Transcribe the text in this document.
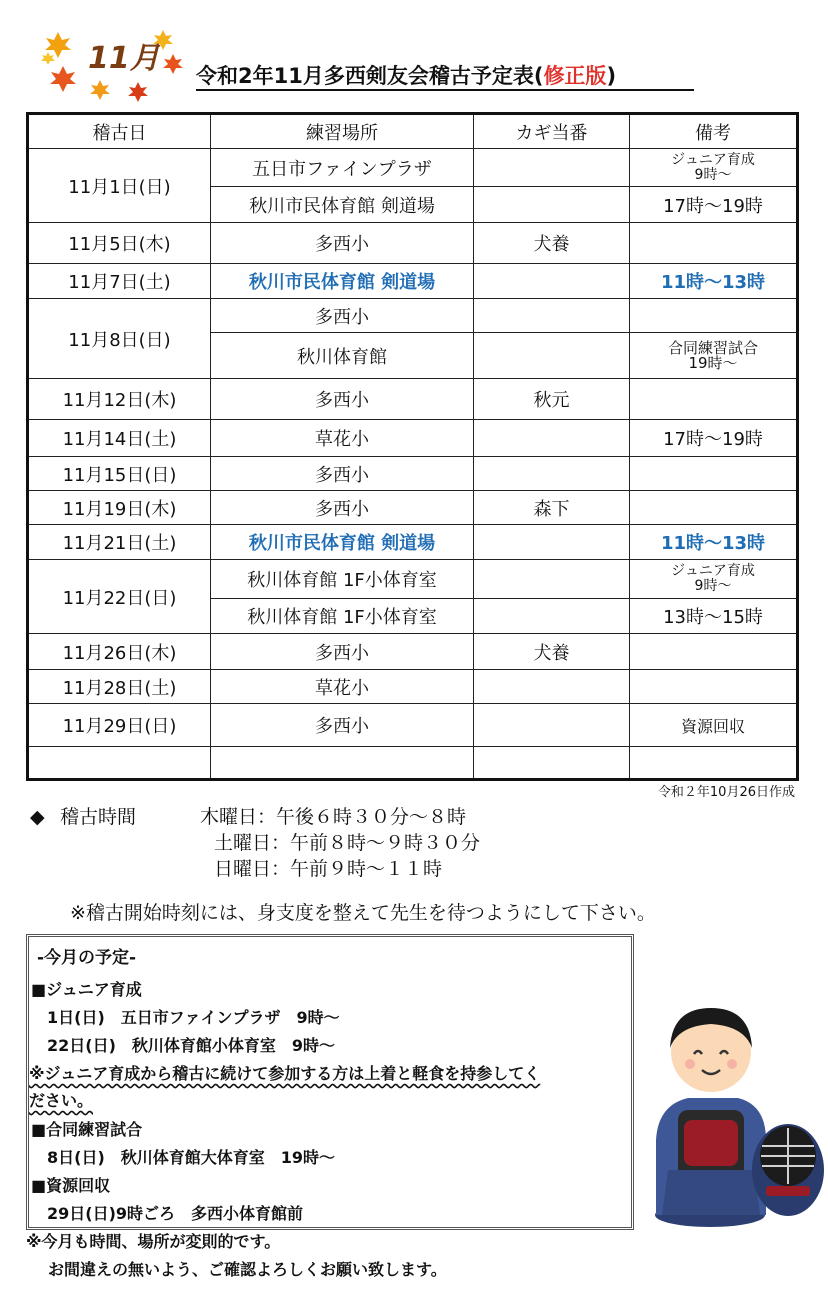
11月 令和2年11月多西剣友会稽古予定表(修正版)
稽古日	練習場所	カギ当番	備考
11月1日(日)	五日市ファインプラザ		ジュニア育成
9時～
	秋川市民体育館 剣道場		17時～19時
11月5日(木)	多西小	犬養	
11月7日(土)	秋川市民体育館 剣道場		11時～13時
11月8日(日)	多西小		
	秋川体育館		合同練習試合
19時～
11月12日(木)	多西小	秋元	
11月14日(土)	草花小		17時～19時
11月15日(日)	多西小		
11月19日(木)	多西小	森下	
11月21日(土)	秋川市民体育館 剣道場		11時～13時
11月22日(日)	秋川体育館 1F小体育室		ジュニア育成
9時～
	秋川体育館 1F小体育室		13時～15時
11月26日(木)	多西小	犬養	
11月28日(土)	草花小		
11月29日(日)	多西小		資源回収

令和２年10月26日作成
◆ 稽古時間	木曜日：午後６時３０分～８時
土曜日：午前８時～９時３０分
日曜日：午前９時～１１時
※稽古開始時刻には、身支度を整えて先生を待つようにして下さい。
-今月の予定-
■ジュニア育成
1日(日)　五日市ファインプラザ　9時～
22日(日)　秋川体育館小体育室　9時～
※ジュニア育成から稽古に続けて参加する方は上着と軽食を持参してく
ださい。
■合同練習試合
8日(日)　秋川体育館大体育室　19時～
■資源回収
29日(日)9時ごろ　多西小体育館前
※今月も時間、場所が変則的です。
お間違えの無いよう、ご確認よろしくお願い致します。
